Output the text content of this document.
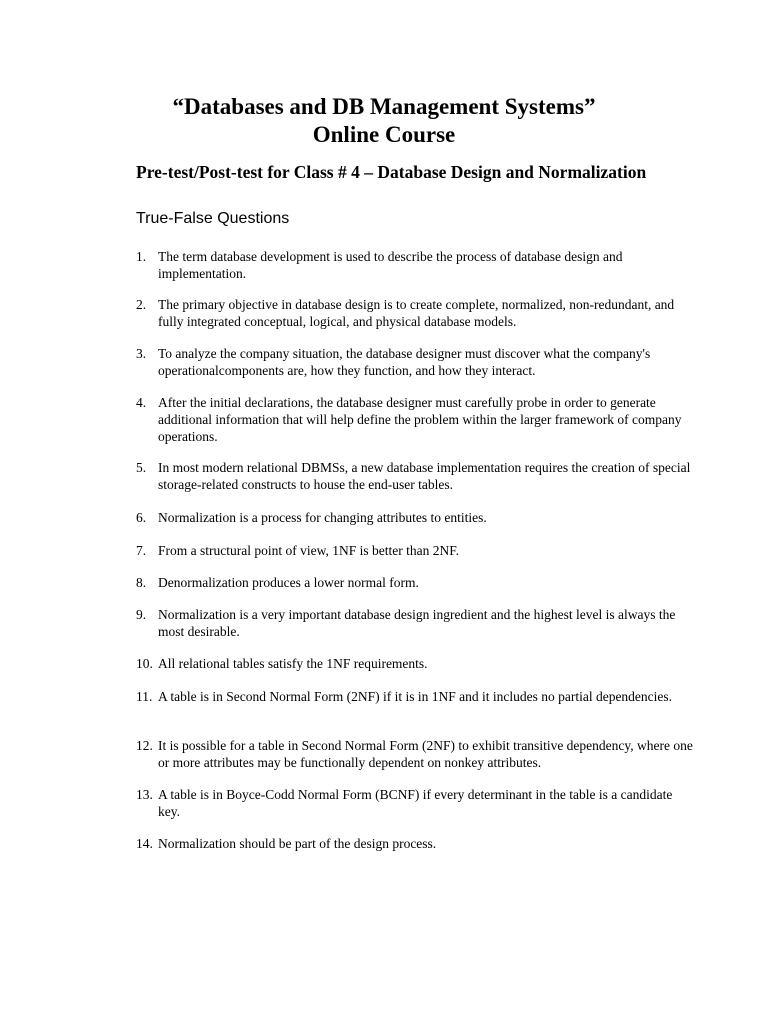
“Databases and DB Management Systems”
Online Course
Pre-test/Post-test for Class # 4 – Database Design and Normalization
True-False Questions
1. The term database development is used to describe the process of database design and implementation.
2. The primary objective in database design is to create complete, normalized, non-redundant, and fully integrated conceptual, logical, and physical database models.
3. To analyze the company situation, the database designer must discover what the company's operationalcomponents are, how they function, and how they interact.
4. After the initial declarations, the database designer must carefully probe in order to generate additional information that will help define the problem within the larger framework of company operations.
5. In most modern relational DBMSs, a new database implementation requires the creation of special storage-related constructs to house the end-user tables.
6. Normalization is a process for changing attributes to entities.
7. From a structural point of view, 1NF is better than 2NF.
8. Denormalization produces a lower normal form.
9. Normalization is a very important database design ingredient and the highest level is always the most desirable.
10. All relational tables satisfy the 1NF requirements.
11. A table is in Second Normal Form (2NF) if it is in 1NF and it includes no partial dependencies.
12. It is possible for a table in Second Normal Form (2NF) to exhibit transitive dependency, where one or more attributes may be functionally dependent on nonkey attributes.
13. A table is in Boyce-Codd Normal Form (BCNF) if every determinant in the table is a candidate key.
14. Normalization should be part of the design process.
